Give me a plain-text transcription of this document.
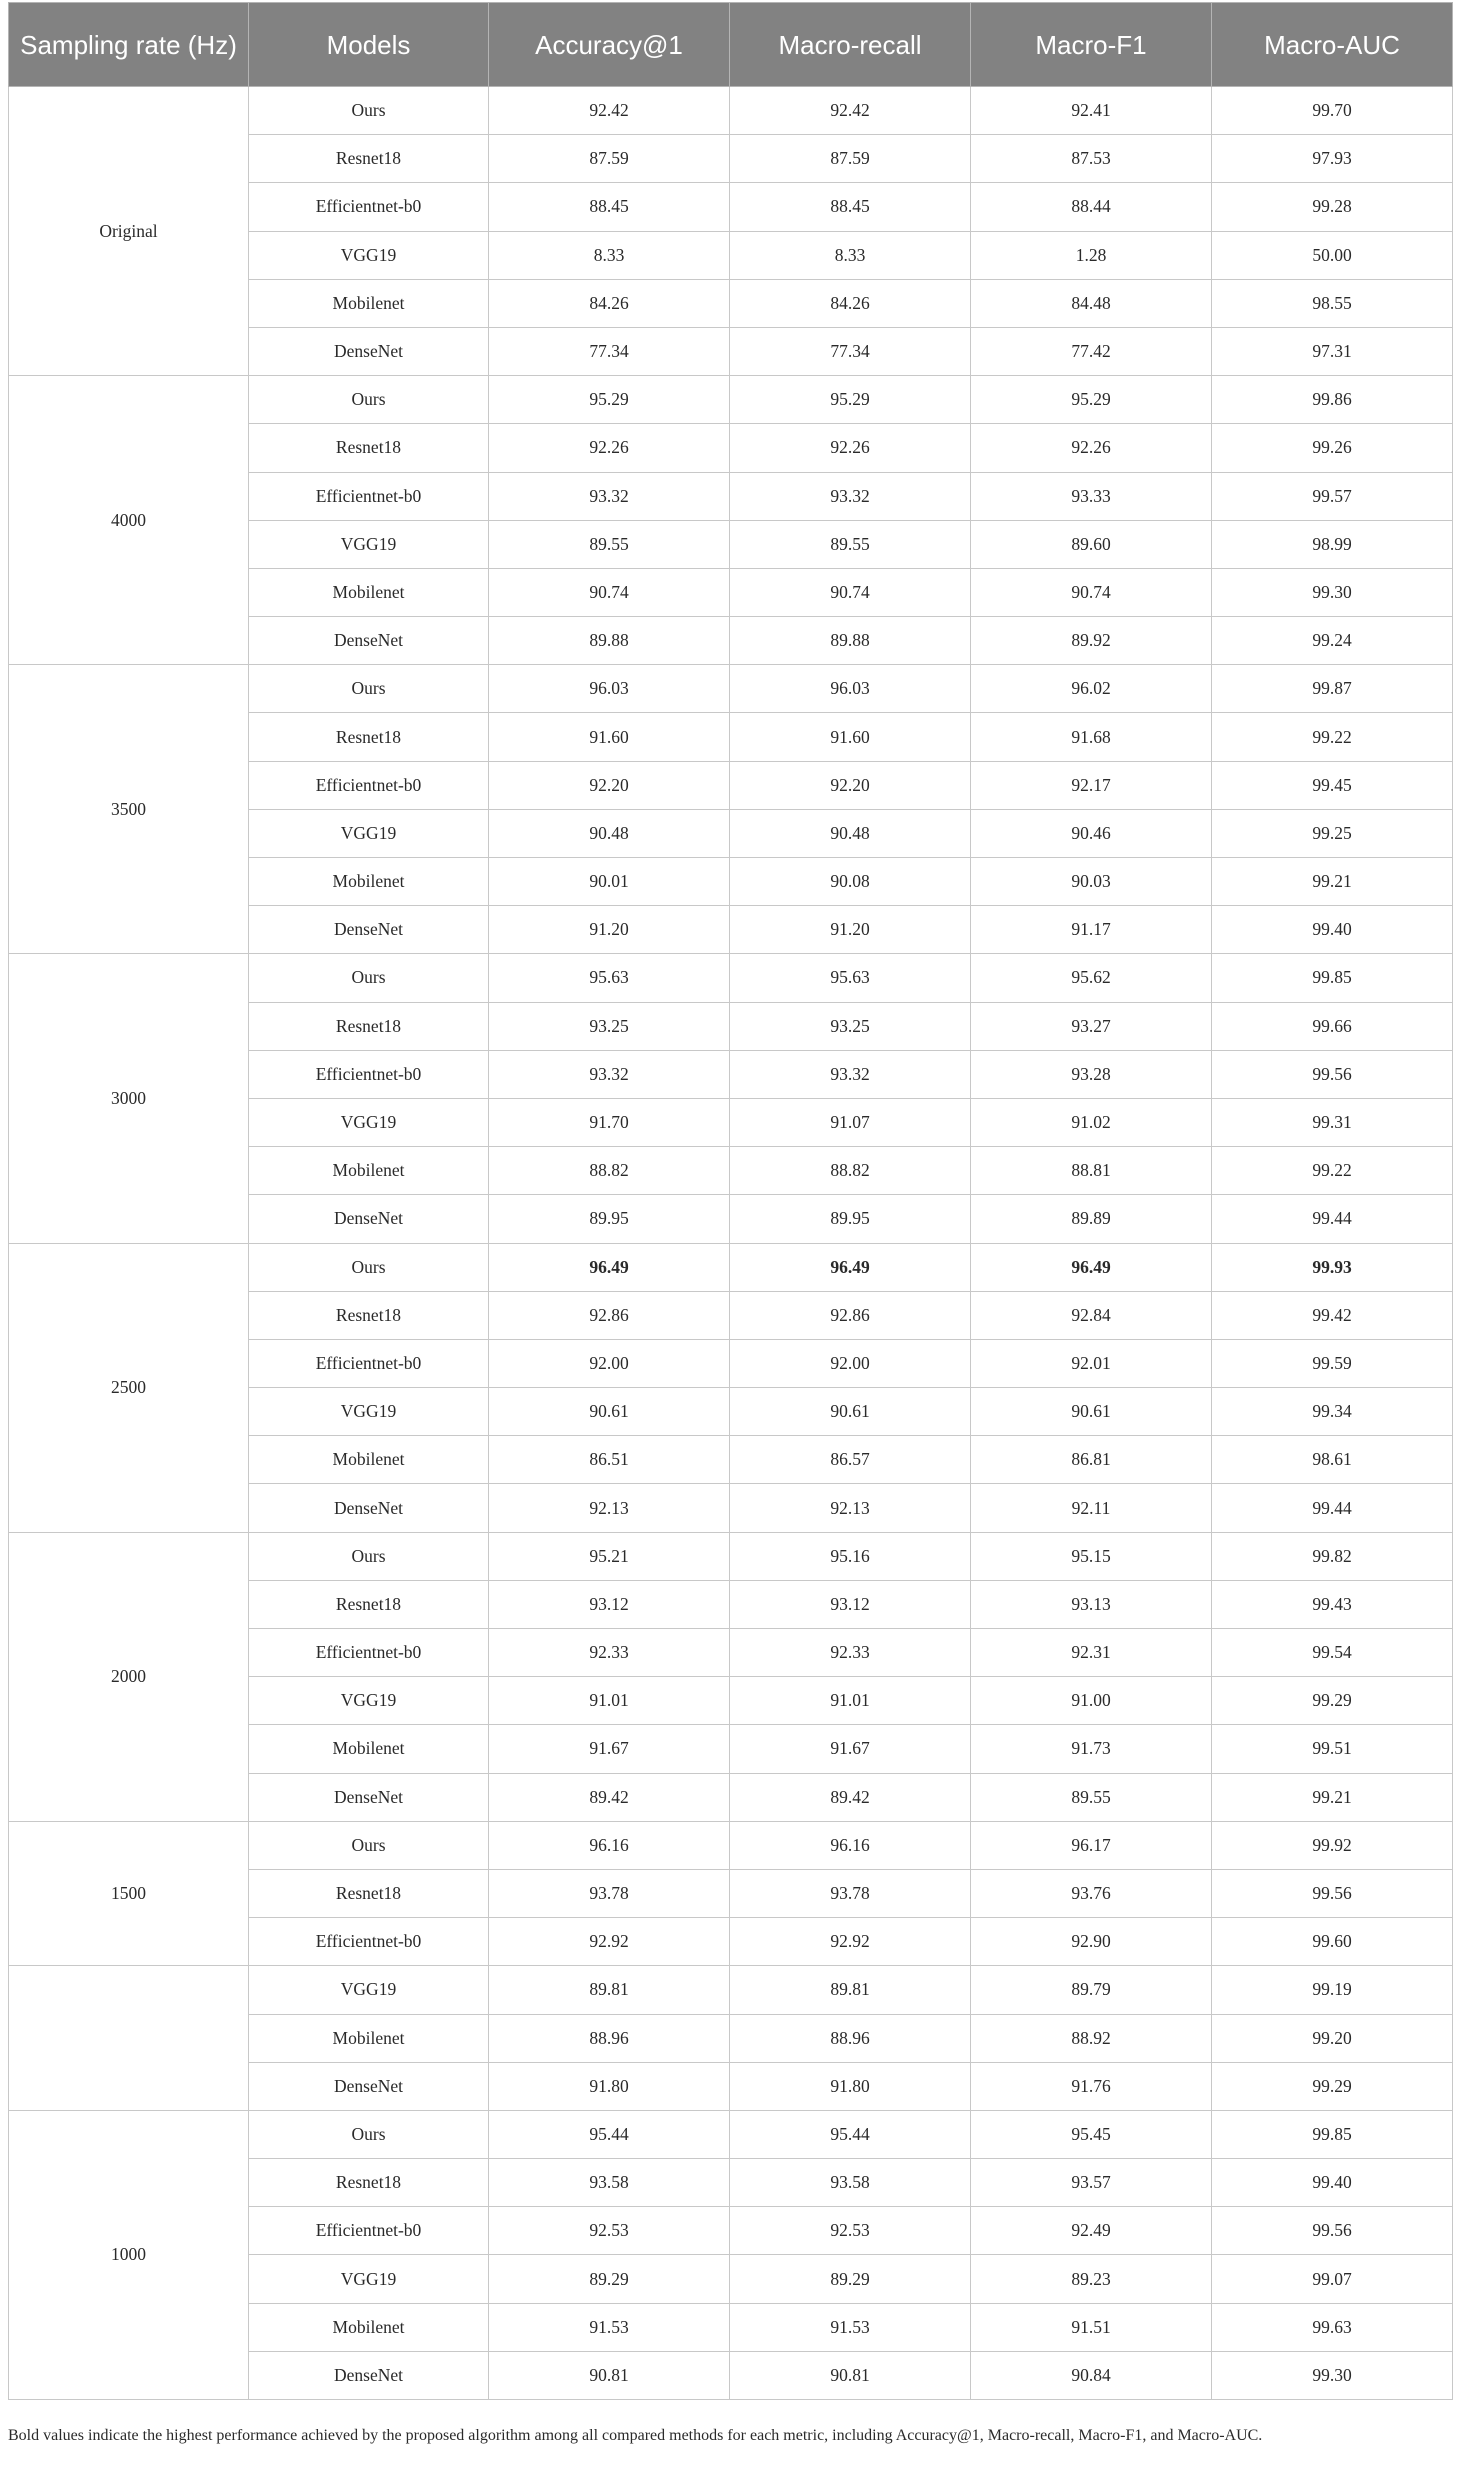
Sampling rate (Hz)	Models	Accuracy@1	Macro-recall	Macro-F1	Macro-AUC
Original	Ours	92.42	92.42	92.41	99.70
	Resnet18	87.59	87.59	87.53	97.93
	Efficientnet-b0	88.45	88.45	88.44	99.28
	VGG19	8.33	8.33	1.28	50.00
	Mobilenet	84.26	84.26	84.48	98.55
	DenseNet	77.34	77.34	77.42	97.31
4000	Ours	95.29	95.29	95.29	99.86
	Resnet18	92.26	92.26	92.26	99.26
	Efficientnet-b0	93.32	93.32	93.33	99.57
	VGG19	89.55	89.55	89.60	98.99
	Mobilenet	90.74	90.74	90.74	99.30
	DenseNet	89.88	89.88	89.92	99.24
3500	Ours	96.03	96.03	96.02	99.87
	Resnet18	91.60	91.60	91.68	99.22
	Efficientnet-b0	92.20	92.20	92.17	99.45
	VGG19	90.48	90.48	90.46	99.25
	Mobilenet	90.01	90.08	90.03	99.21
	DenseNet	91.20	91.20	91.17	99.40
3000	Ours	95.63	95.63	95.62	99.85
	Resnet18	93.25	93.25	93.27	99.66
	Efficientnet-b0	93.32	93.32	93.28	99.56
	VGG19	91.70	91.07	91.02	99.31
	Mobilenet	88.82	88.82	88.81	99.22
	DenseNet	89.95	89.95	89.89	99.44
2500	Ours	96.49	96.49	96.49	99.93
	Resnet18	92.86	92.86	92.84	99.42
	Efficientnet-b0	92.00	92.00	92.01	99.59
	VGG19	90.61	90.61	90.61	99.34
	Mobilenet	86.51	86.57	86.81	98.61
	DenseNet	92.13	92.13	92.11	99.44
2000	Ours	95.21	95.16	95.15	99.82
	Resnet18	93.12	93.12	93.13	99.43
	Efficientnet-b0	92.33	92.33	92.31	99.54
	VGG19	91.01	91.01	91.00	99.29
	Mobilenet	91.67	91.67	91.73	99.51
	DenseNet	89.42	89.42	89.55	99.21
1500	Ours	96.16	96.16	96.17	99.92
	Resnet18	93.78	93.78	93.76	99.56
	Efficientnet-b0	92.92	92.92	92.90	99.60
	VGG19	89.81	89.81	89.79	99.19
	Mobilenet	88.96	88.96	88.92	99.20
	DenseNet	91.80	91.80	91.76	99.29
1000	Ours	95.44	95.44	95.45	99.85
	Resnet18	93.58	93.58	93.57	99.40
	Efficientnet-b0	92.53	92.53	92.49	99.56
	VGG19	89.29	89.29	89.23	99.07
	Mobilenet	91.53	91.53	91.51	99.63
	DenseNet	90.81	90.81	90.84	99.30
Bold values indicate the highest performance achieved by the proposed algorithm among all compared methods for each metric, including Accuracy@1, Macro-recall, Macro-F1, and Macro-AUC.
